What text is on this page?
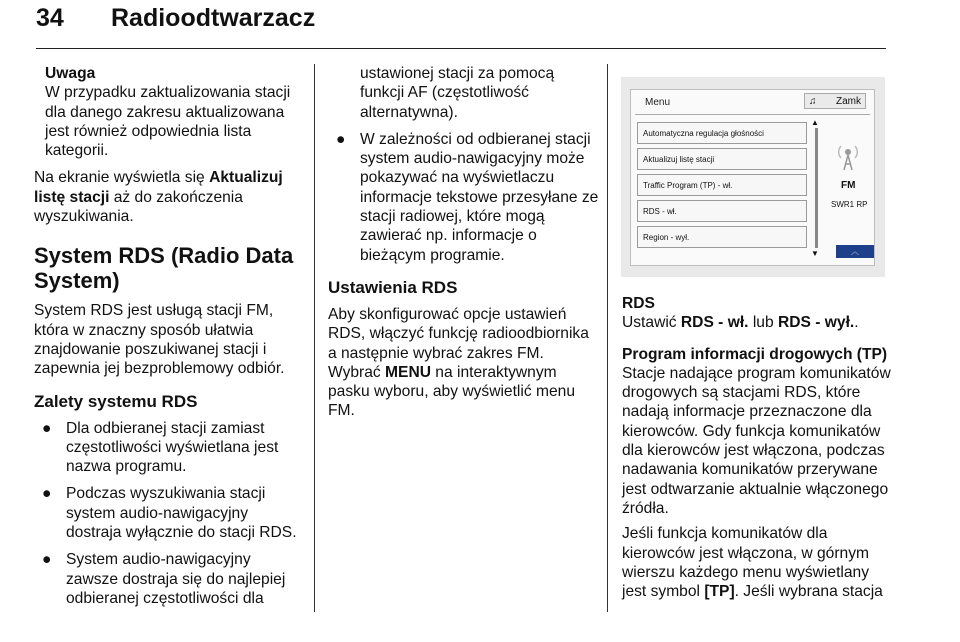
34 Radioodtwarzacz
Uwaga
W przypadku zaktualizowania stacji dla danego zakresu aktualizowana jest również odpowiednia lista kategorii.

Na ekranie wyświetla się Aktualizuj listę stacji aż do zakończenia wyszukiwania.

System RDS (Radio Data System)

System RDS jest usługą stacji FM, która w znaczny sposób ułatwia znajdowanie poszukiwanej stacji i zapewnia jej bezproblemowy odbiór.

Zalety systemu RDS
● Dla odbieranej stacji zamiast częstotliwości wyświetlana jest nazwa programu.
● Podczas wyszukiwania stacji system audio-nawigacyjny dostraja wyłącznie do stacji RDS.
● System audio-nawigacyjny zawsze dostraja się do najlepiej odbieranej częstotliwości dla
ustawionej stacji za pomocą funkcji AF (częstotliwość alternatywna).
● W zależności od odbieranej stacji system audio-nawigacyjny może pokazywać na wyświetlaczu informacje tekstowe przesyłane ze stacji radiowej, które mogą zawierać np. informacje o bieżącym programie.
Ustawienia RDS

Aby skonfigurować opcje ustawień RDS, włączyć funkcję radioodbiornika a następnie wybrać zakres FM. Wybrać MENU na interaktywnym pasku wyboru, aby wyświetlić menu FM.

Menu	♫ Zamk
Automatyczna regulacja głośności
Aktualizuj listę stacji
Traffic Program (TP) - wł.
RDS - wł.
Region - wył.
▲
▼
FM
SWR1 RP
︿
RDS

Ustawić RDS - wł. lub RDS - wył..

Program informacji drogowych (TP)

Stacje nadające program komunikatów drogowych są stacjami RDS, które nadają informacje przeznaczone dla kierowców. Gdy funkcja komunikatów dla kierowców jest włączona, podczas nadawania komunikatów przerywane jest odtwarzanie aktualnie włączonego źródła.

Jeśli funkcja komunikatów dla kierowców jest włączona, w górnym wierszu każdego menu wyświetlany jest symbol [TP]. Jeśli wybrana stacja
